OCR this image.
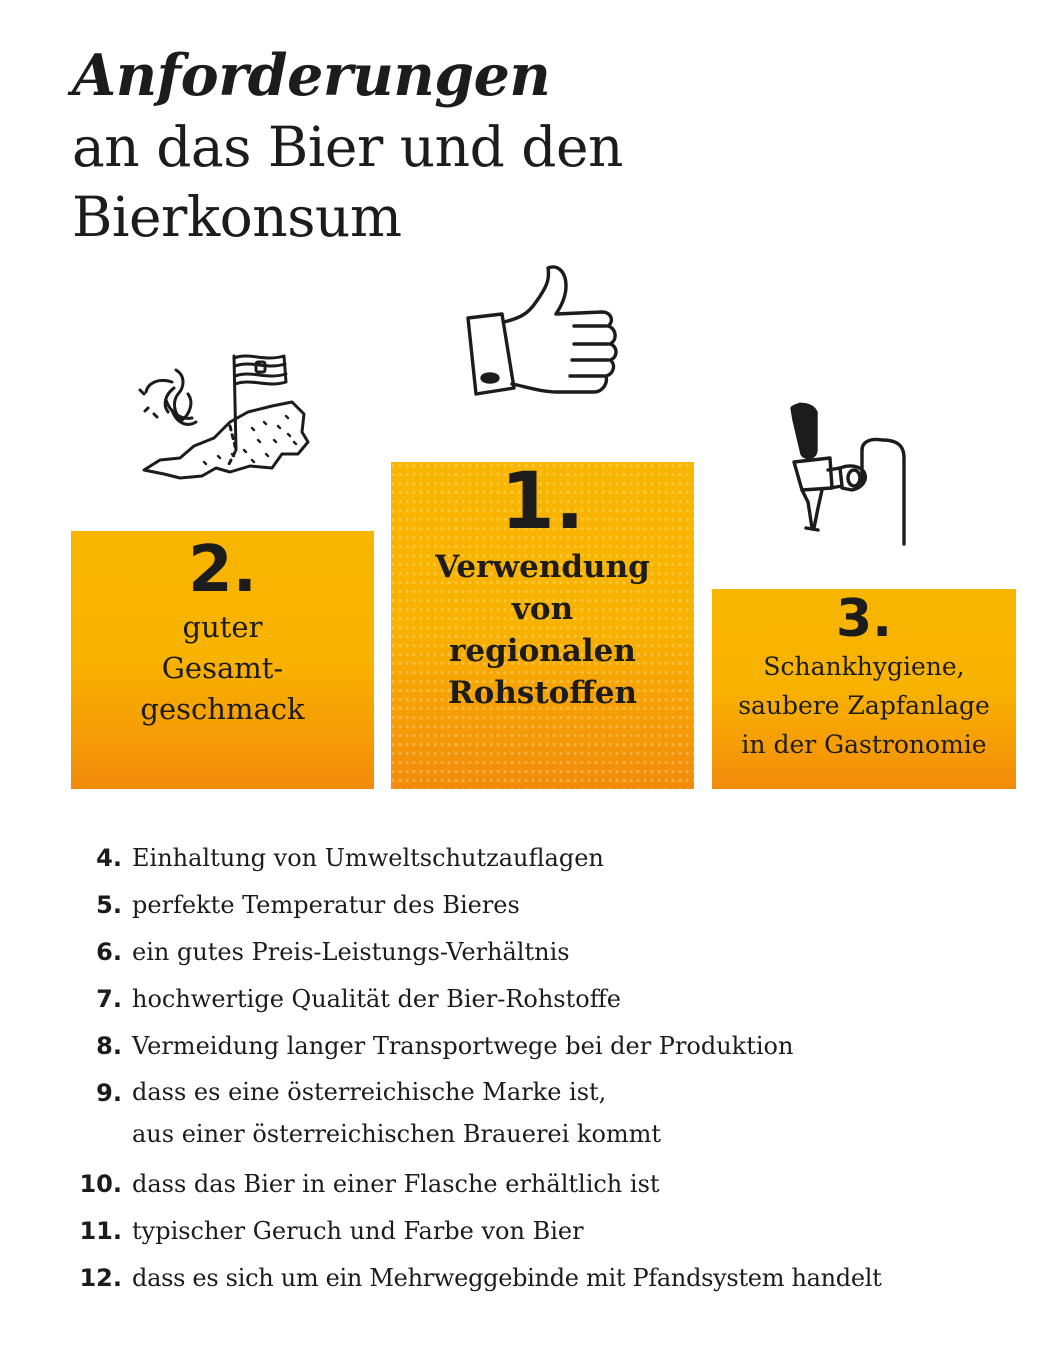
Anforderungen
an das Bier und den
Bierkonsum
2.
guter
Gesamt-
geschmack
1.
Verwendung
von
regionalen
Rohstoffen
3.
Schankhygiene,
saubere Zapfanlage
in der Gastronomie
4. Einhaltung von Umweltschutzauflagen
5. perfekte Temperatur des Bieres
6. ein gutes Preis-Leistungs-Verhältnis
7. hochwertige Qualität der Bier-Rohstoffe
8. Vermeidung langer Transportwege bei der Produktion
9. dass es eine österreichische Marke ist,
aus einer österreichischen Brauerei kommt
10. dass das Bier in einer Flasche erhältlich ist
11. typischer Geruch und Farbe von Bier
12. dass es sich um ein Mehrweggebinde mit Pfandsystem handelt
